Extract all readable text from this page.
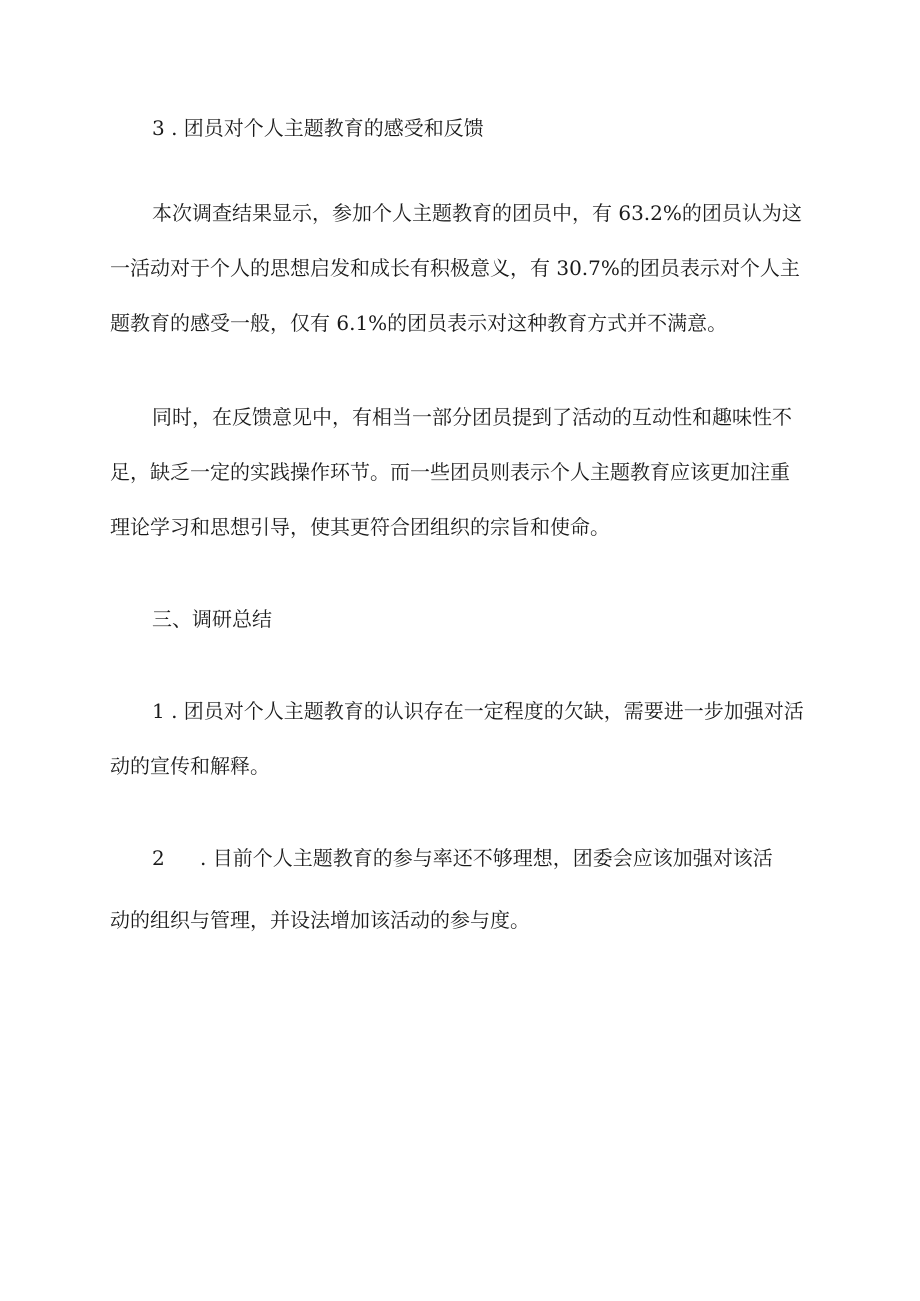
3 . 团员对个人主题教育的感受和反馈

本次调查结果显示，参加个人主题教育的团员中，有 63.2%的团员认为这

一活动对于个人的思想启发和成长有积极意义，有 30.7%的团员表示对个人主

题教育的感受一般，仅有 6.1%的团员表示对这种教育方式并不满意。

同时，在反馈意见中，有相当一部分团员提到了活动的互动性和趣味性不

足，缺乏一定的实践操作环节。而一些团员则表示个人主题教育应该更加注重

理论学习和思想引导，使其更符合团组织的宗旨和使命。

三、调研总结

1 . 团员对个人主题教育的认识存在一定程度的欠缺，需要进一步加强对活

动的宣传和解释。

2 . 目前个人主题教育的参与率还不够理想，团委会应该加强对该活

动的组织与管理，并设法增加该活动的参与度。
